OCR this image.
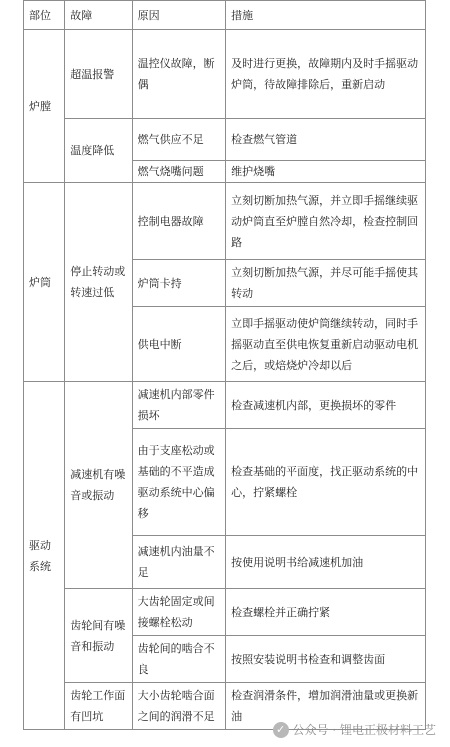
部位	故障	原因	措施
炉膛	超温报警	温控仪故障，断偶	及时进行更换，故障期内及时手摇驱动炉筒，待故障排除后，重新启动
	温度降低	燃气供应不足	检查燃气管道
		燃气烧嘴问题	维护烧嘴
炉筒	停止转动或转速过低	控制电器故障	立刻切断加热气源，并立即手摇继续驱动炉筒直至炉膛自然冷却，检查控制回路
		炉筒卡持	立刻切断加热气源，并尽可能手摇使其转动
		供电中断	立即手摇驱动使炉筒继续转动，同时手摇驱动直至供电恢复重新启动驱动电机之后，或焙烧炉冷却以后
驱动系统	减速机有噪音或振动	减速机内部零件损坏	检查减速机内部，更换损坏的零件
		由于支座松动或基础的不平造成驱动系统中心偏移	检查基础的平面度，找正驱动系统的中心，拧紧螺栓
		减速机内油量不足	按使用说明书给减速机加油
	齿轮间有噪音和振动	大齿轮固定或间接螺栓松动	检查螺栓并正确拧紧
		齿轮间的啮合不良	按照安装说明书检查和调整齿面
	齿轮工作面有凹坑	大小齿轮啮合面之间的润滑不足	检查润滑条件，增加润滑油量或更换新油
✓ 公众号 · 锂电正极材料工艺
